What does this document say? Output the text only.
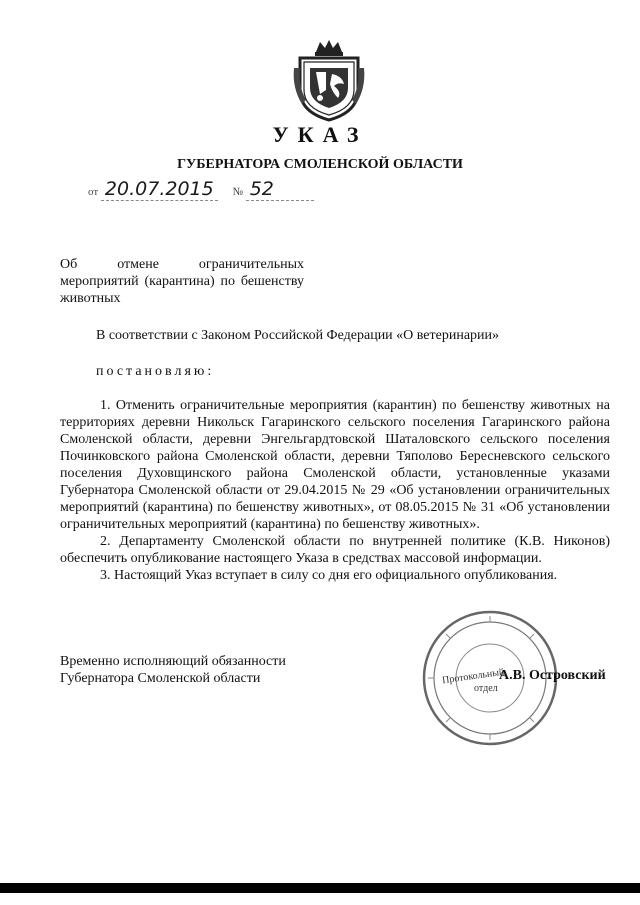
УКАЗ
ГУБЕРНАТОРА СМОЛЕНСКОЙ ОБЛАСТИ
от 20.07.2015 № 52
Об отмене ограничительных мероприятий (карантина) по бешенству животных
В соответствии с Законом Российской Федерации «О ветеринарии»
постановляю:

1. Отменить ограничительные мероприятия (карантин) по бешенству животных на территориях деревни Никольск Гагаринского сельского поселения Гагаринского района Смоленской области, деревни Энгельгардтовской Шаталовского сельского поселения Починковского района Смоленской области, деревни Тяполово Бересневского сельского поселения Духовщинского района Смоленской области, установленные указами Губернатора Смоленской области от 29.04.2015 № 29 «Об установлении ограничительных мероприятий (карантина) по бешенству животных», от 08.05.2015 № 31 «Об установлении ограничительных мероприятий (карантина) по бешенству животных».

2. Департаменту Смоленской области по внутренней политике (К.В. Никонов) обеспечить опубликование настоящего Указа в средствах массовой информации.

3. Настоящий Указ вступает в силу со дня его официального опубликования.

Временно исполняющий обязанности
Губернатора Смоленской области	Протокольный
отдел
А.В. Островский
